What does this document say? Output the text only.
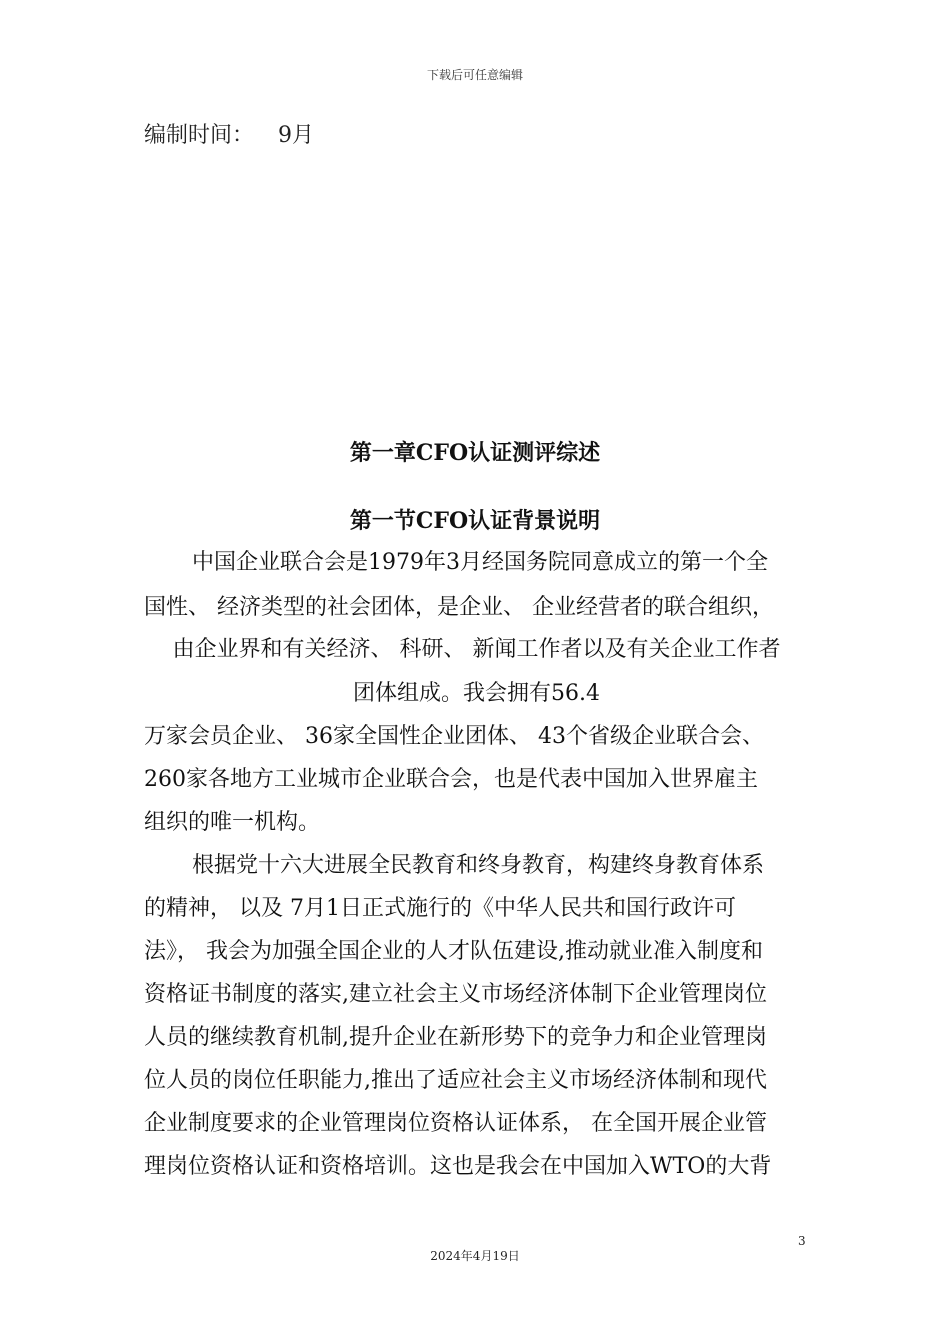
下载后可任意编辑
编制时间： 9月
第一章CFO认证测评综述
第一节CFO认证背景说明
中国企业联合会是1979年3月经国务院同意成立的第一个全
国性、 经济类型的社会团体，是企业、 企业经营者的联合组织，
由企业界和有关经济、 科研、 新闻工作者以及有关企业工作者
团体组成。我会拥有56.4
万家会员企业、 36家全国性企业团体、 43个省级企业联合会、
260家各地方工业城市企业联合会，也是代表中国加入世界雇主
组织的唯一机构。
根据党十六大进展全民教育和终身教育，构建终身教育体系
的精神， 以及 7月1日正式施行的《中华人民共和国行政许可
法》， 我会为加强全国企业的人才队伍建设,推动就业准入制度和
资格证书制度的落实,建立社会主义市场经济体制下企业管理岗位
人员的继续教育机制,提升企业在新形势下的竞争力和企业管理岗
位人员的岗位任职能力,推出了适应社会主义市场经济体制和现代
企业制度要求的企业管理岗位资格认证体系， 在全国开展企业管
理岗位资格认证和资格培训。这也是我会在中国加入WTO的大背
3
2024年4月19日
